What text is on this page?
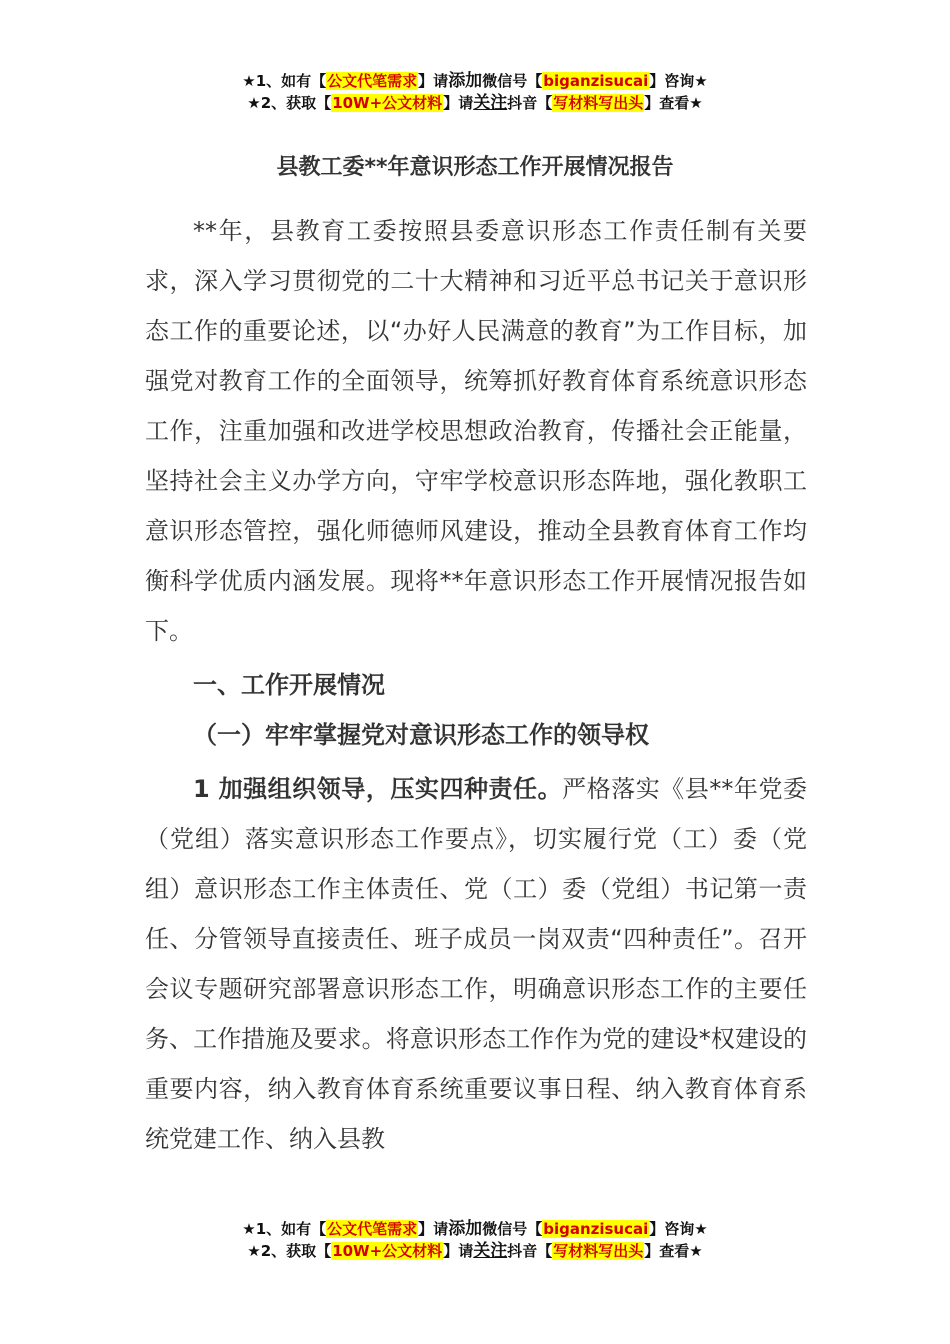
★1、如有【公文代笔需求】请添加微信号【biganzisucai】咨询★
★2、获取【10W+公文材料】请关注抖音【写材料写出头】查看★
县教工委**年意识形态工作开展情况报告

**年，县教育工委按照县委意识形态工作责任制有关要求，深入学习贯彻党的二十大精神和习近平总书记关于意识形态工作的重要论述，以“办好人民满意的教育”为工作目标，加强党对教育工作的全面领导，统筹抓好教育体育系统意识形态工作，注重加强和改进学校思想政治教育，传播社会正能量，坚持社会主义办学方向，守牢学校意识形态阵地，强化教职工意识形态管控，强化师德师风建设，推动全县教育体育工作均衡科学优质内涵发展。现将**年意识形态工作开展情况报告如下。

一、工作开展情况

（一）牢牢掌握党对意识形态工作的领导权

1 加强组织领导，压实四种责任。严格落实《县**年党委（党组）落实意识形态工作要点》，切实履行党（工）委（党组）意识形态工作主体责任、党（工）委（党组）书记第一责任、分管领导直接责任、班子成员一岗双责“四种责任”。召开会议专题研究部署意识形态工作，明确意识形态工作的主要任务、工作措施及要求。将意识形态工作作为党的建设*权建设的重要内容，纳入教育体育系统重要议事日程、纳入教育体育系统党建工作、纳入县教

★1、如有【公文代笔需求】请添加微信号【biganzisucai】咨询★
★2、获取【10W+公文材料】请关注抖音【写材料写出头】查看★
